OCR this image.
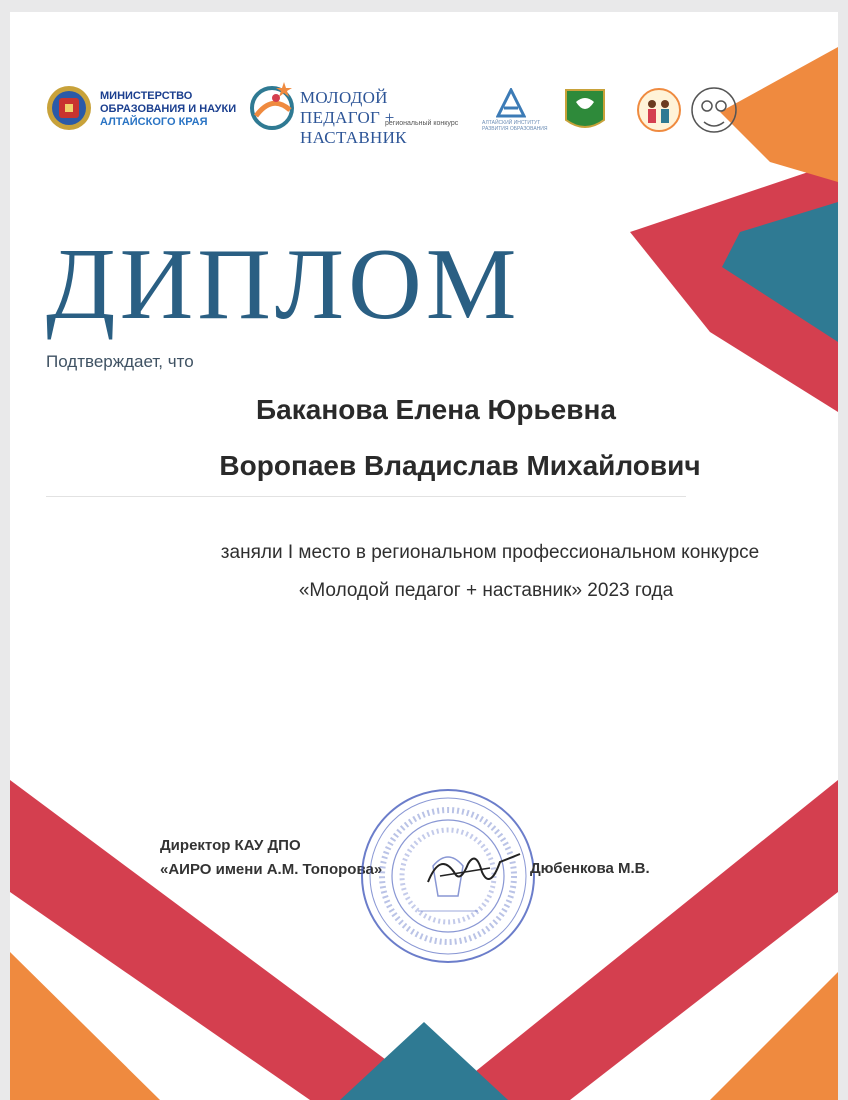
МИНИСТЕРСТВО
ОБРАЗОВАНИЯ И НАУКИ
АЛТАЙСКОГО КРАЯ
МОЛОДОЙ ПЕДАГОГ +
НАСТАВНИК
региональный конкурс	АЛТАЙСКИЙ ИНСТИТУТ РАЗВИТИЯ ОБРАЗОВАНИЯ
ДИПЛОМ
Подтверждает, что
Баканова Елена Юрьевна
Воропаев Владислав Михайлович
заняли I место в региональном профессиональном конкурсе
«Молодой педагог + наставник» 2023 года
Директор КАУ ДПО
«АИРО имени А.М. Топорова»	Дюбенкова М.В.
